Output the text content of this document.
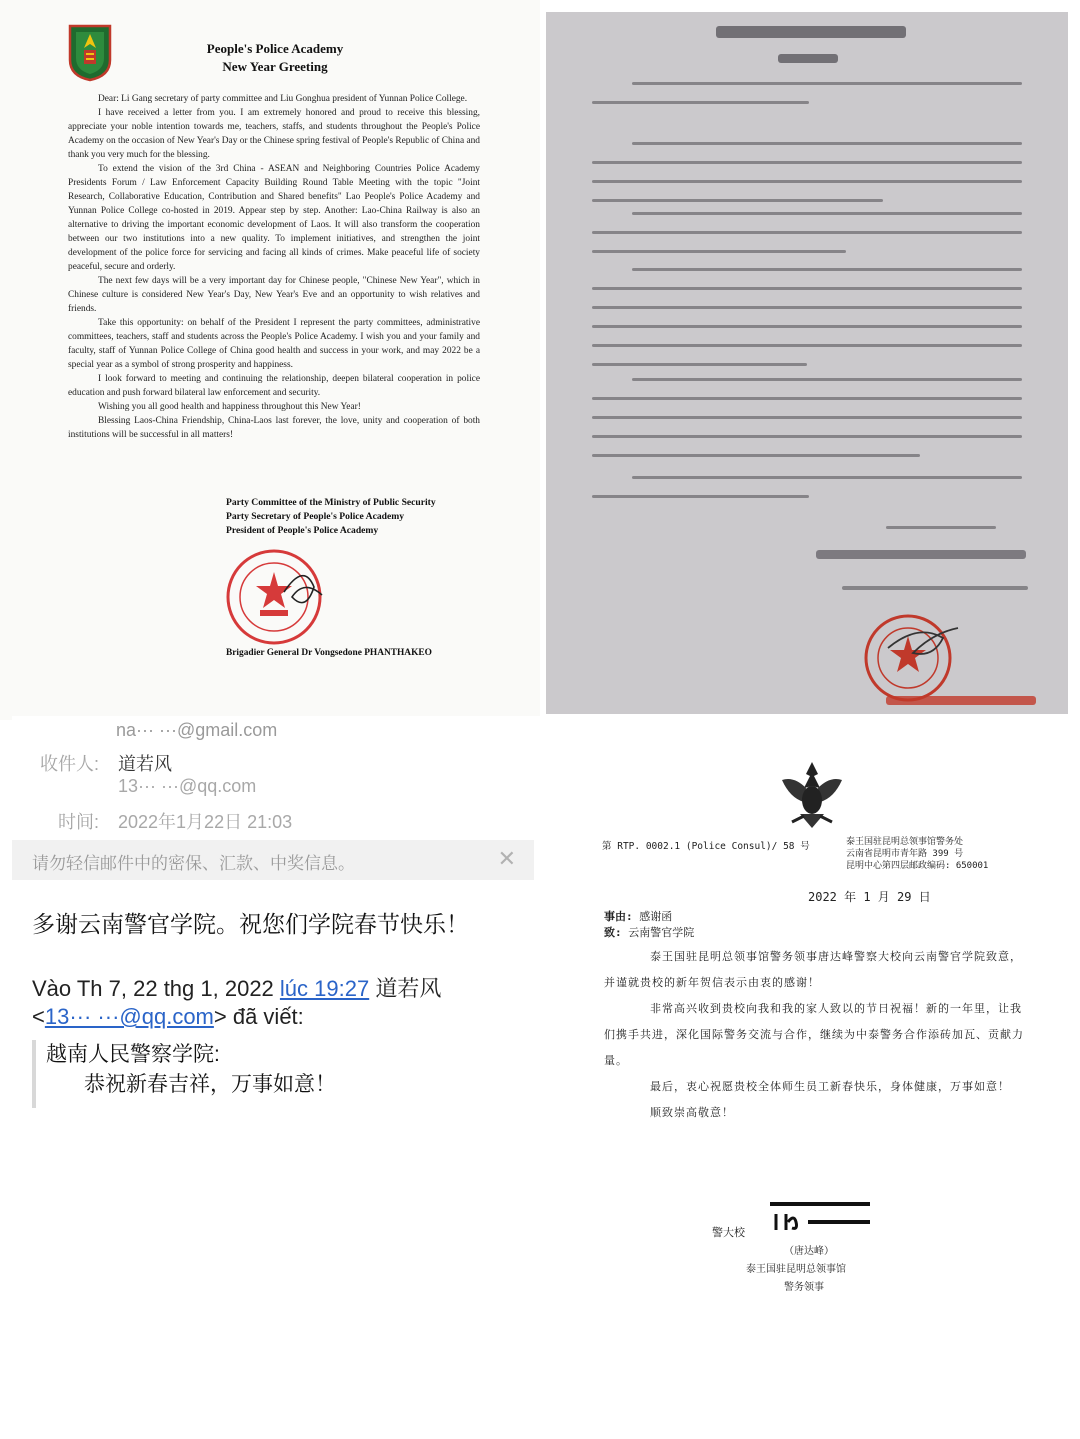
People's Police Academy
New Year Greeting

Dear: Li Gang secretary of party committee and Liu Gonghua president of Yunnan Police College.

I have received a letter from you. I am extremely honored and proud to receive this blessing, appreciate your noble intention towards me, teachers, staffs, and students throughout the People's Police Academy on the occasion of New Year's Day or the Chinese spring festival of People's Republic of China and thank you very much for the blessing.

To extend the vision of the 3rd China - ASEAN and Neighboring Countries Police Academy Presidents Forum / Law Enforcement Capacity Building Round Table Meeting with the topic "Joint Research, Collaborative Education, Contribution and Shared benefits" Lao People's Police Academy and Yunnan Police College co-hosted in 2019. Appear step by step. Another: Lao-China Railway is also an alternative to driving the important economic development of Laos. It will also transform the cooperation between our two institutions into a new quality. To implement initiatives, and strengthen the joint development of the police force for servicing and facing all kinds of crimes. Make peaceful life of society peaceful, secure and orderly.

The next few days will be a very important day for Chinese people, "Chinese New Year", which in Chinese culture is considered New Year's Day, New Year's Eve and an opportunity to wish relatives and friends.

Take this opportunity: on behalf of the President I represent the party committees, administrative committees, teachers, staff and students across the People's Police Academy. I wish you and your family and faculty, staff of Yunnan Police College of China good health and success in your work, and may 2022 be a special year as a symbol of strong prosperity and happiness.

I look forward to meeting and continuing the relationship, deepen bilateral cooperation in police education and push forward bilateral law enforcement and security.

Wishing you all good health and happiness throughout this New Year!

Blessing Laos-China Friendship, China-Laos last forever, the love, unity and cooperation of both institutions will be successful in all matters!

Party Committee of the Ministry of Public Security
Party Secretary of People's Police Academy
President of People's Police Academy
Brigadier General Dr Vongsedone PHANTHAKEO
na··· ···@gmail.com
收件人: 道若风
13··· ···@qq.com
时间: 2022年1月22日 21:03
请勿轻信邮件中的密保、汇款、中奖信息。	✕
多谢云南警官学院。祝您们学院春节快乐！
Vào Th 7, 22 thg 1, 2022 lúc 19:27 道若风
<13··· ···@qq.com> đã viết:
越南人民警察学院:
恭祝新春吉祥，万事如意！
第 RTP. 0002.1 (Police Consul)/ 58 号	泰王国驻昆明总领事馆警务处
云南省昆明市青年路 399 号
昆明中心第四层邮政编码: 650001
2022 年 1 月 29 日
事由: 感谢函
致: 云南警官学院

泰王国驻昆明总领事馆警务领事唐达峰警察大校向云南警官学院致意，并谨就贵校的新年贺信表示由衷的感谢！

非常高兴收到贵校向我和我的家人致以的节日祝福！新的一年里，让我们携手共进，深化国际警务交流与合作，继续为中泰警务合作添砖加瓦、贡献力量。

最后，衷心祝愿贵校全体师生员工新春快乐，身体健康，万事如意！

顺致崇高敬意！

警大校
（唐达峰）
泰王国驻昆明总领事馆
警务领事
